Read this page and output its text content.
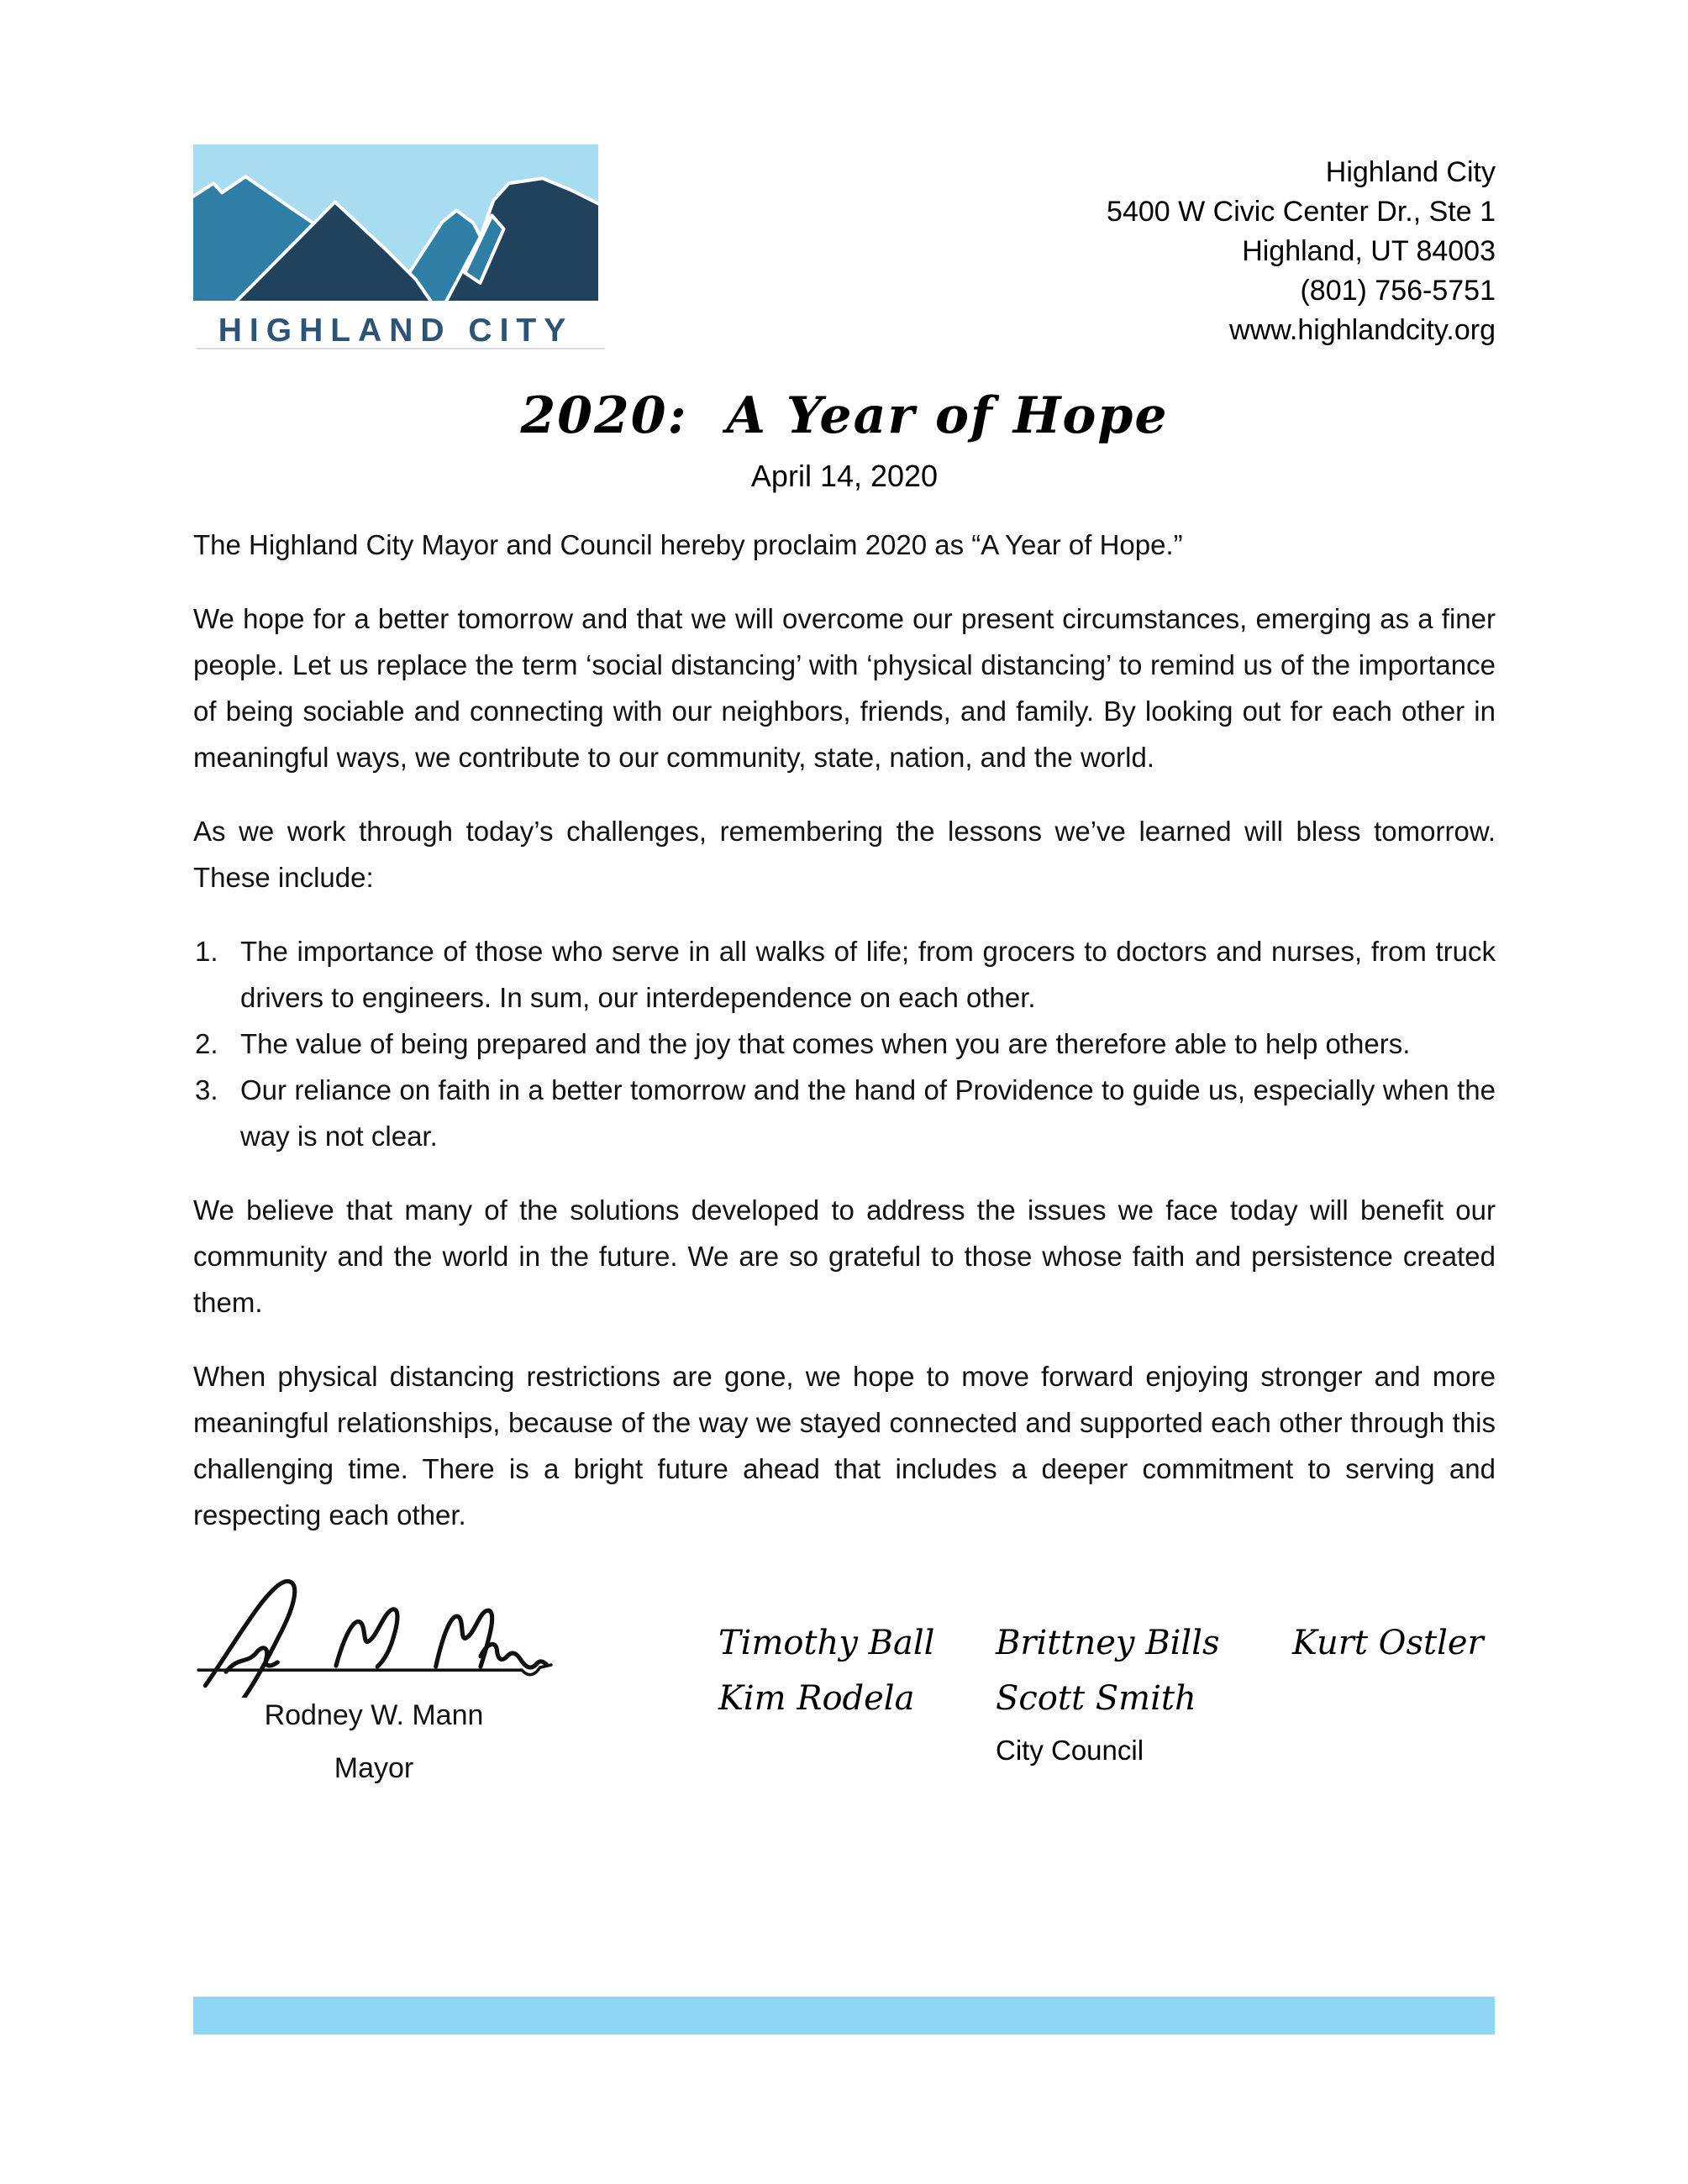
HIGHLAND CITY
Highland City
5400 W Civic Center Dr., Ste 1
Highland, UT 84003
(801) 756-5751
www.highlandcity.org
2020:  A Year of Hope
April 14, 2020

The Highland City Mayor and Council hereby proclaim 2020 as “A Year of Hope.”

We hope for a better tomorrow and that we will overcome our present circumstances, emerging as a finer people. Let us replace the term ‘social distancing’ with ‘physical distancing’ to remind us of the importance of being sociable and connecting with our neighbors, friends, and family. By looking out for each other in meaningful ways, we contribute to our community, state, nation, and the world.

As we work through today’s challenges, remembering the lessons we’ve learned will bless tomorrow. These include:

The importance of those who serve in all walks of life; from grocers to doctors and nurses, from truck drivers to engineers. In sum, our interdependence on each other.
The value of being prepared and the joy that comes when you are therefore able to help others.
Our reliance on faith in a better tomorrow and the hand of Providence to guide us, especially when the way is not clear.

We believe that many of the solutions developed to address the issues we face today will benefit our community and the world in the future. We are so grateful to those whose faith and persistence created them.

When physical distancing restrictions are gone, we hope to move forward enjoying stronger and more meaningful relationships, because of the way we stayed connected and supported each other through this challenging time. There is a bright future ahead that includes a deeper commitment to serving and respecting each other.

Rodney W. Mann
Mayor
Timothy Ball
Kim Rodela
Brittney Bills
Scott Smith
City Council
Kurt Ostler
